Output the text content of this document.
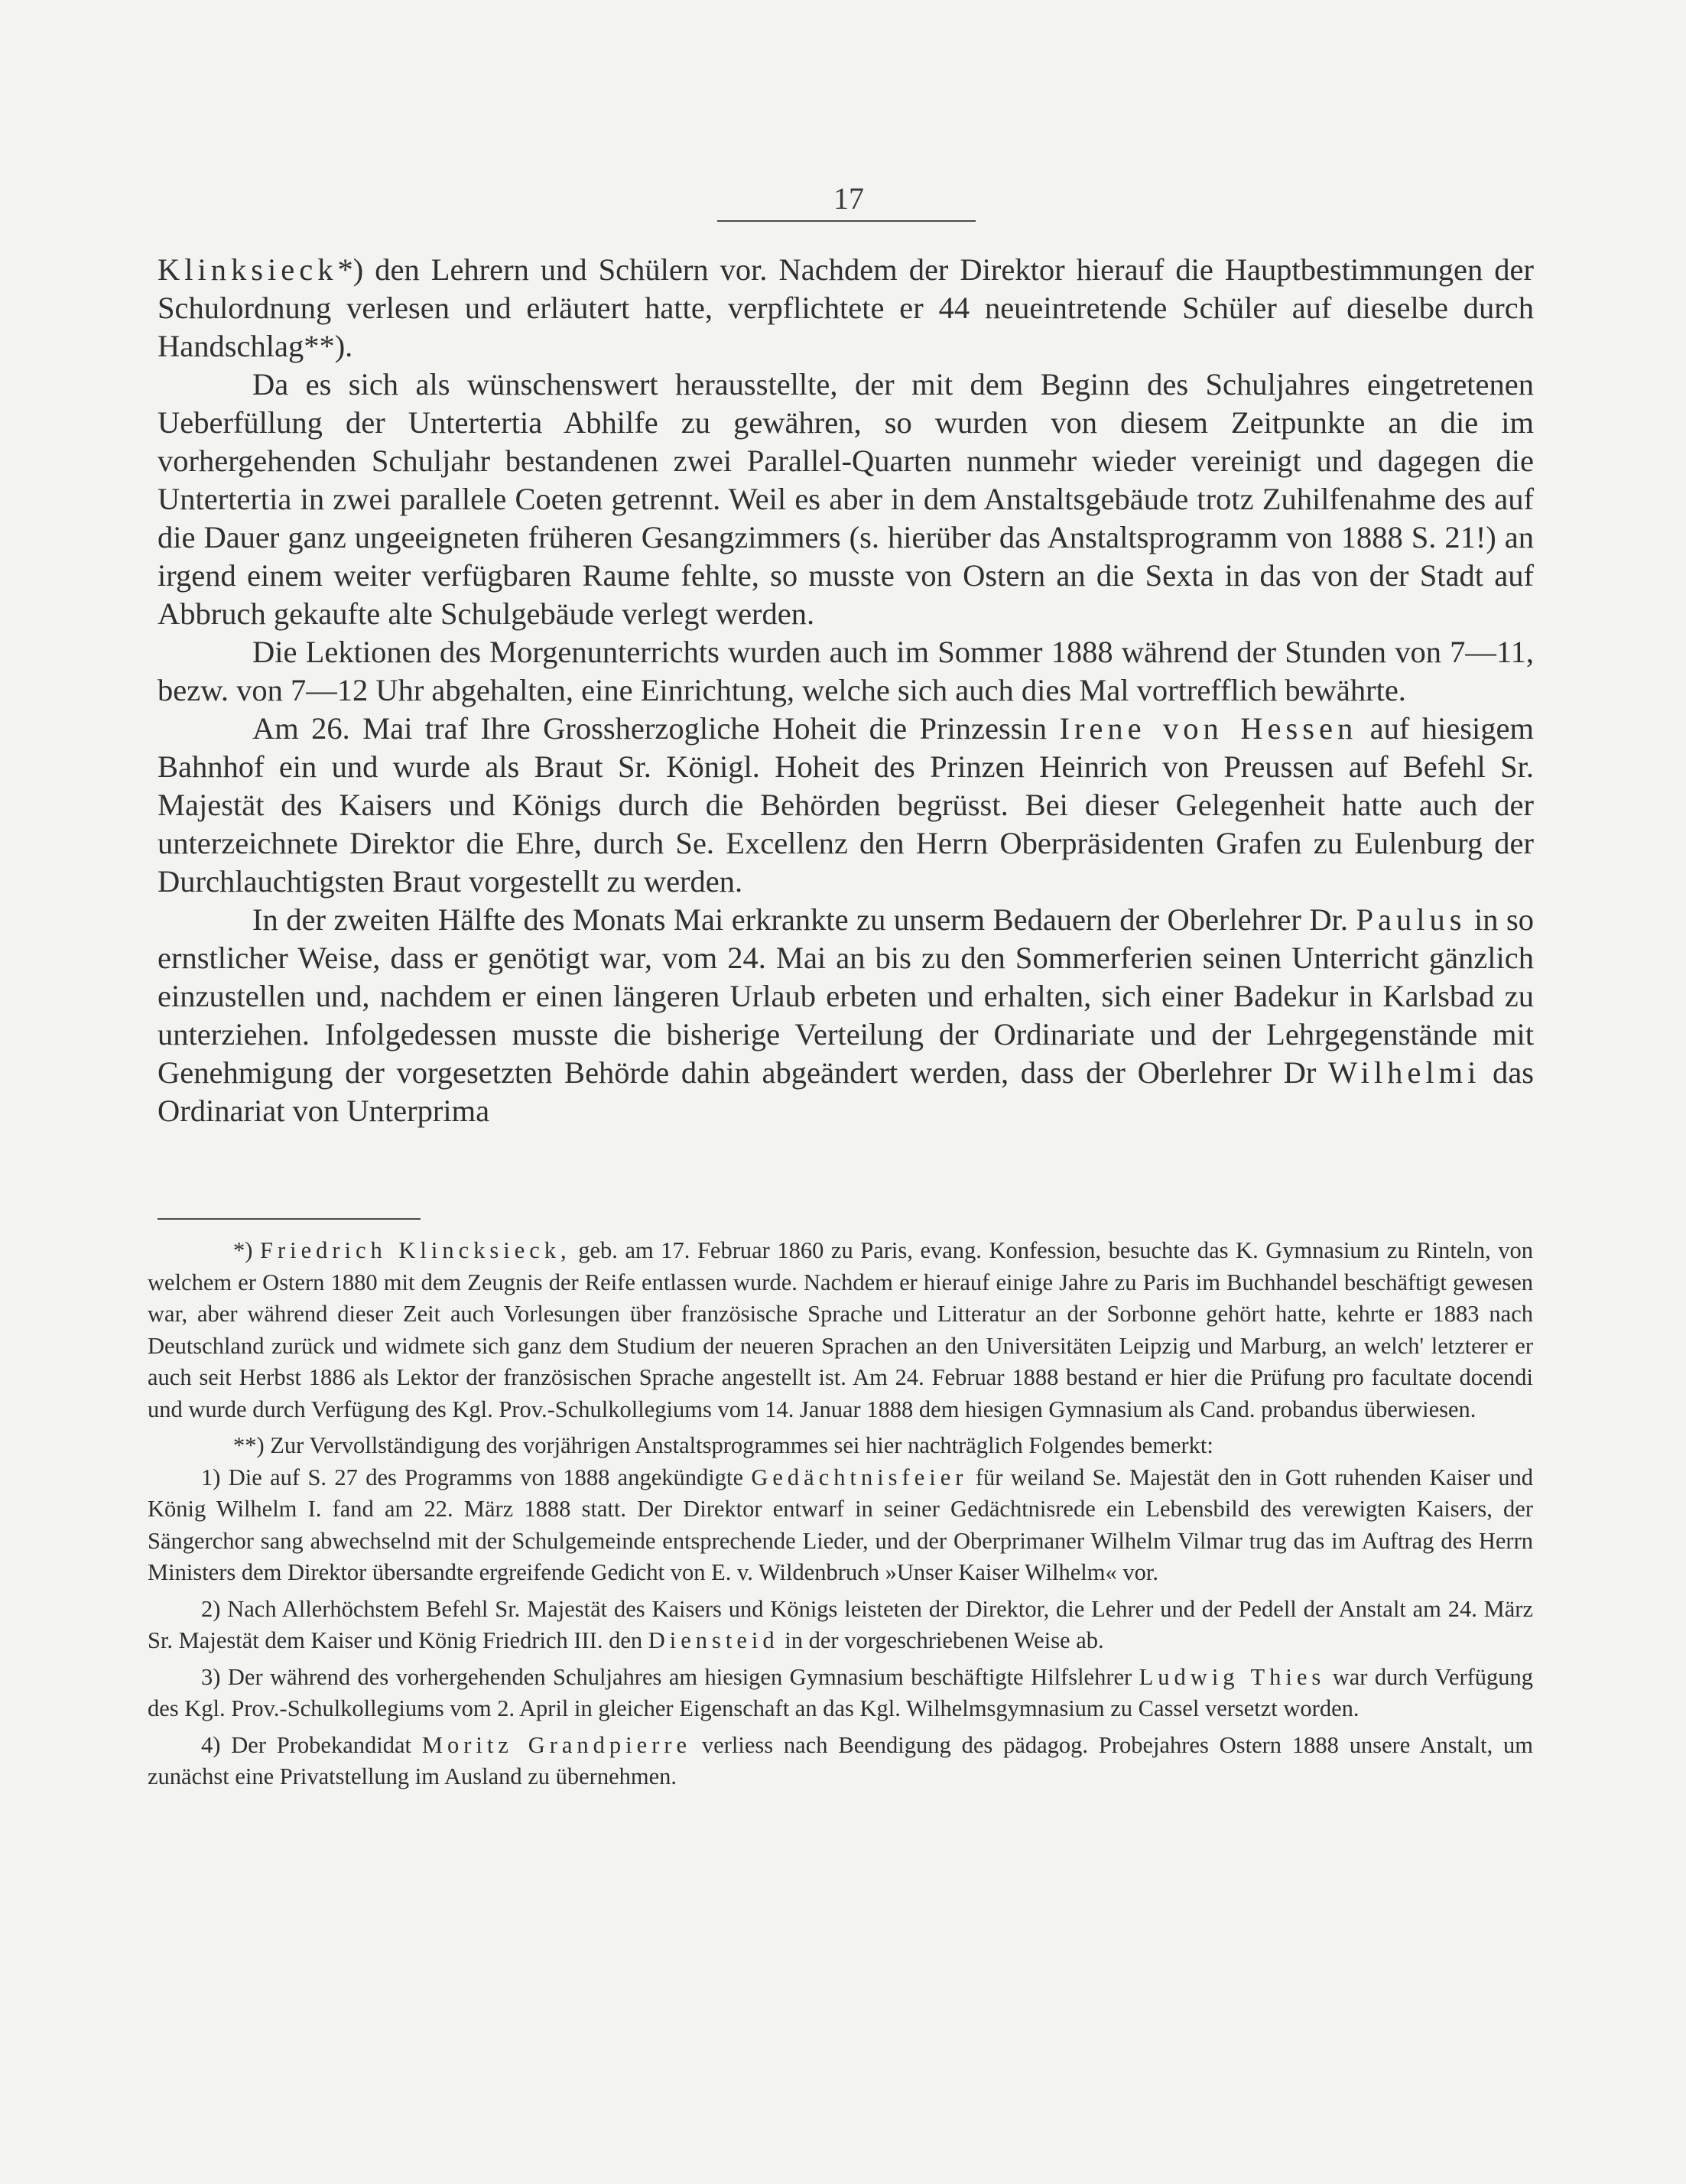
17

Klinksieck*) den Lehrern und Schülern vor. Nachdem der Direktor hierauf die Hauptbestimmungen der Schulordnung verlesen und erläutert hatte, verpflichtete er 44 neueintretende Schüler auf dieselbe durch Handschlag**).

Da es sich als wünschenswert herausstellte, der mit dem Beginn des Schuljahres eingetretenen Ueberfüllung der Untertertia Abhilfe zu gewähren, so wurden von diesem Zeitpunkte an die im vorhergehenden Schuljahr bestandenen zwei Parallel-Quarten nunmehr wieder vereinigt und dagegen die Untertertia in zwei parallele Coeten getrennt. Weil es aber in dem Anstaltsgebäude trotz Zuhilfenahme des auf die Dauer ganz ungeeigneten früheren Gesangzimmers (s. hierüber das Anstaltsprogramm von 1888 S. 21!) an irgend einem weiter verfügbaren Raume fehlte, so musste von Ostern an die Sexta in das von der Stadt auf Abbruch gekaufte alte Schulgebäude verlegt werden.

Die Lektionen des Morgenunterrichts wurden auch im Sommer 1888 während der Stunden von 7—11, bezw. von 7—12 Uhr abgehalten, eine Einrichtung, welche sich auch dies Mal vortrefflich bewährte.

Am 26. Mai traf Ihre Grossherzogliche Hoheit die Prinzessin Irene von Hessen auf hiesigem Bahnhof ein und wurde als Braut Sr. Königl. Hoheit des Prinzen Heinrich von Preussen auf Befehl Sr. Majestät des Kaisers und Königs durch die Behörden begrüsst. Bei dieser Gelegenheit hatte auch der unterzeichnete Direktor die Ehre, durch Se. Excellenz den Herrn Oberpräsidenten Grafen zu Eulenburg der Durchlauchtigsten Braut vorgestellt zu werden.

In der zweiten Hälfte des Monats Mai erkrankte zu unserm Bedauern der Oberlehrer Dr. Paulus in so ernstlicher Weise, dass er genötigt war, vom 24. Mai an bis zu den Sommerferien seinen Unterricht gänzlich einzustellen und, nachdem er einen längeren Urlaub erbeten und erhalten, sich einer Badekur in Karlsbad zu unterziehen. Infolgedessen musste die bisherige Verteilung der Ordinariate und der Lehrgegenstände mit Genehmigung der vorgesetzten Behörde dahin abgeändert werden, dass der Oberlehrer Dr Wilhelmi das Ordinariat von Unterprima

*) Friedrich Klincksieck, geb. am 17. Februar 1860 zu Paris, evang. Konfession, besuchte das K. Gymnasium zu Rinteln, von welchem er Ostern 1880 mit dem Zeugnis der Reife entlassen wurde. Nachdem er hierauf einige Jahre zu Paris im Buchhandel beschäftigt gewesen war, aber während dieser Zeit auch Vorlesungen über französische Sprache und Litteratur an der Sorbonne gehört hatte, kehrte er 1883 nach Deutschland zurück und widmete sich ganz dem Studium der neueren Sprachen an den Universitäten Leipzig und Marburg, an welch' letzterer er auch seit Herbst 1886 als Lektor der französischen Sprache angestellt ist. Am 24. Februar 1888 bestand er hier die Prüfung pro facultate docendi und wurde durch Verfügung des Kgl. Prov.-Schulkollegiums vom 14. Januar 1888 dem hiesigen Gymnasium als Cand. probandus überwiesen.

**) Zur Vervollständigung des vorjährigen Anstaltsprogrammes sei hier nachträglich Folgendes bemerkt:

1) Die auf S. 27 des Programms von 1888 angekündigte Gedächtnisfeier für weiland Se. Majestät den in Gott ruhenden Kaiser und König Wilhelm I. fand am 22. März 1888 statt. Der Direktor entwarf in seiner Gedächtnisrede ein Lebensbild des verewigten Kaisers, der Sängerchor sang abwechselnd mit der Schulgemeinde entsprechende Lieder, und der Oberprimaner Wilhelm Vilmar trug das im Auftrag des Herrn Ministers dem Direktor übersandte ergreifende Gedicht von E. v. Wildenbruch »Unser Kaiser Wilhelm« vor.

2) Nach Allerhöchstem Befehl Sr. Majestät des Kaisers und Königs leisteten der Direktor, die Lehrer und der Pedell der Anstalt am 24. März Sr. Majestät dem Kaiser und König Friedrich III. den Diensteid in der vorgeschriebenen Weise ab.

3) Der während des vorhergehenden Schuljahres am hiesigen Gymnasium beschäftigte Hilfslehrer Ludwig Thies war durch Verfügung des Kgl. Prov.-Schulkollegiums vom 2. April in gleicher Eigenschaft an das Kgl. Wilhelmsgymnasium zu Cassel versetzt worden.

4) Der Probekandidat Moritz Grandpierre verliess nach Beendigung des pädagog. Probejahres Ostern 1888 unsere Anstalt, um zunächst eine Privatstellung im Ausland zu übernehmen.
